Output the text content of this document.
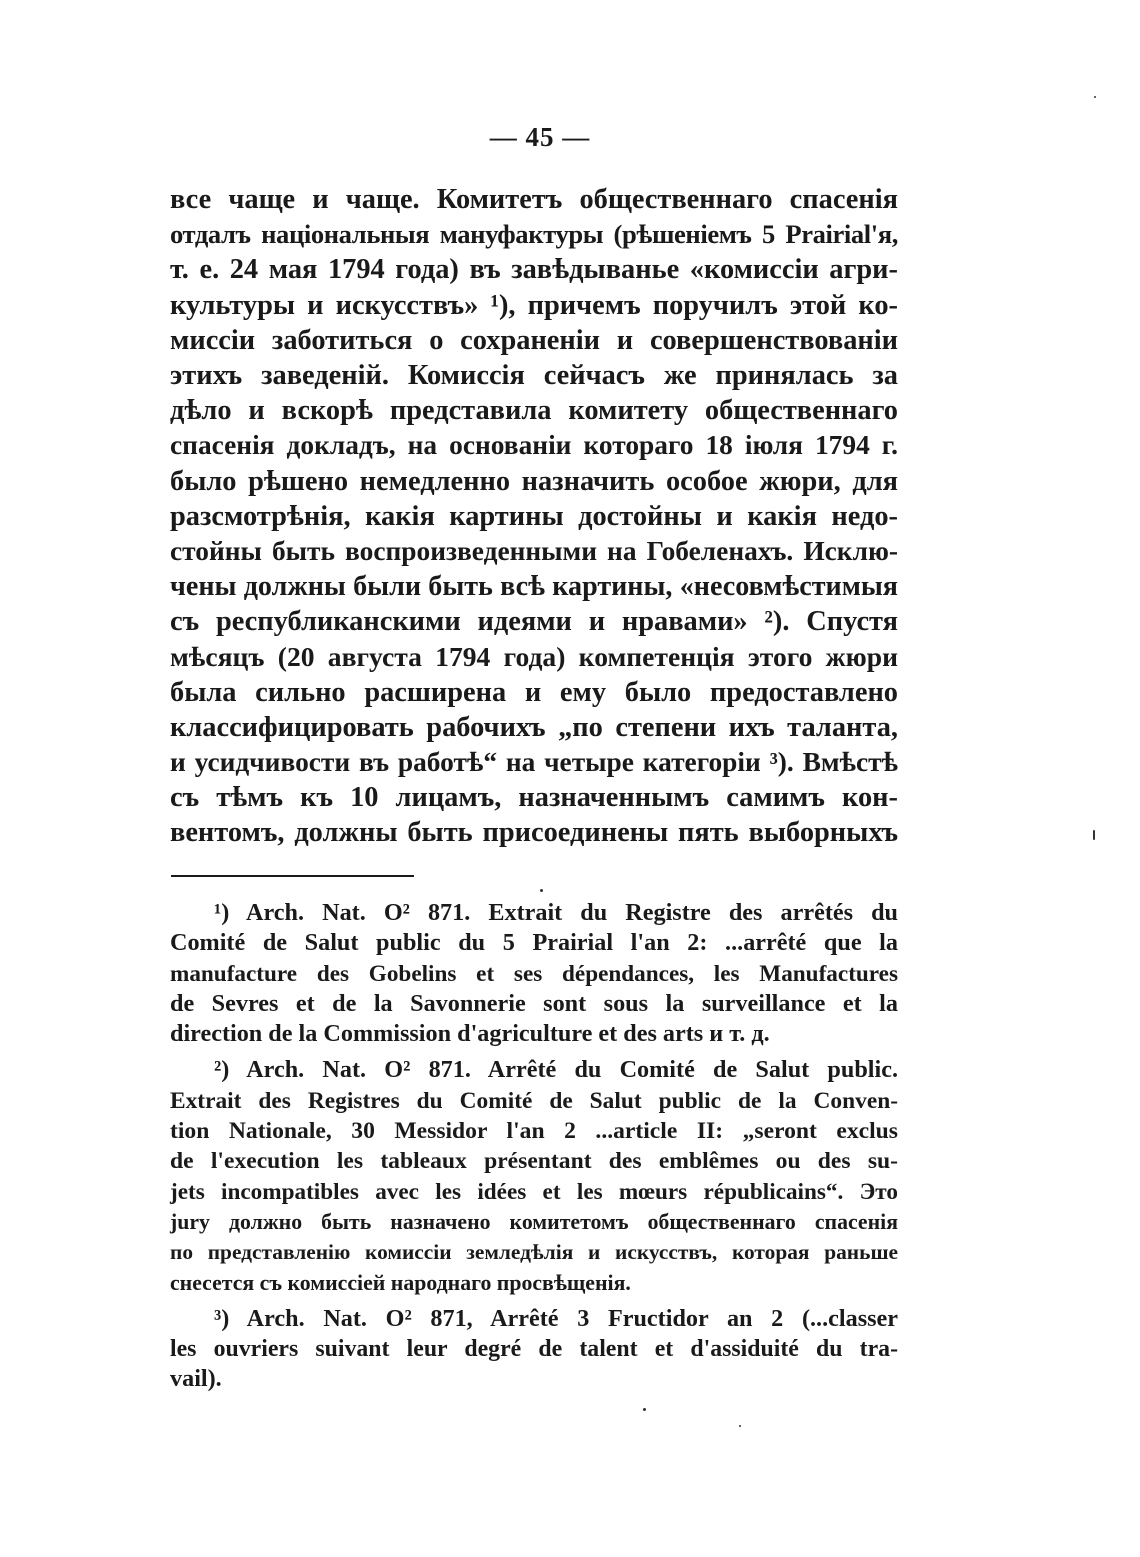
— 45 —
все чаще и чаще. Комитетъ общественнаго спасенія
отдалъ національныя мануфактуры (рѣшеніемъ 5 Prairial'я,
т. е. 24 мая 1794 года) въ завѣдыванье «комиссіи агри-
культуры и искусствъ» ¹), причемъ поручилъ этой ко-
миссіи заботиться о сохраненіи и совершенствованіи
этихъ заведеній. Комиссія сейчасъ же принялась за
дѣло и вскорѣ представила комитету общественнаго
спасенія докладъ, на основаніи котораго 18 іюля 1794 г.
было рѣшено немедленно назначить особое жюри, для
разсмотрѣнія, какія картины достойны и какія недо-
стойны быть воспроизведенными на Гобеленахъ. Исклю-
чены должны были быть всѣ картины, «несовмѣстимыя
съ республиканскими идеями и нравами» ²). Спустя
мѣсяцъ (20 августа 1794 года) компетенція этого жюри
была сильно расширена и ему было предоставлено
классифицировать рабочихъ „по степени ихъ таланта,
и усидчивости въ работѣ“ на четыре категоріи ³). Вмѣстѣ
съ тѣмъ къ 10 лицамъ, назначеннымъ самимъ кон-
вентомъ, должны быть присоединены пять выборныхъ
¹) Arch. Nat. O² 871. Extrait du Registre des arrêtés du
Comité de Salut public du 5 Prairial l'an 2: ...arrêté que la
manufacture des Gobelins et ses dépendances, les Manufactures
de Sevres et de la Savonnerie sont sous la surveillance et la
direction de la Commission d'agriculture et des arts и т. д.
²) Arch. Nat. O² 871. Arrêté du Comité de Salut public.
Extrait des Registres du Comité de Salut public de la Conven-
tion Nationale, 30 Messidor l'an 2 ...article II: „seront exclus
de l'execution les tableaux présentant des emblêmes ou des su-
jets incompatibles avec les idées et les mœurs républicains“. Это
jury должно быть назначено комитетомъ общественнаго спасенія
по представленію комиссіи земледѣлія и искусствъ, которая раньше
снесется съ комиссіей народнаго просвѣщенія.
³) Arch. Nat. O² 871, Arrêté 3 Fructidor an 2 (...classer
les ouvriers suivant leur degré de talent et d'assiduité du tra-
vail).
